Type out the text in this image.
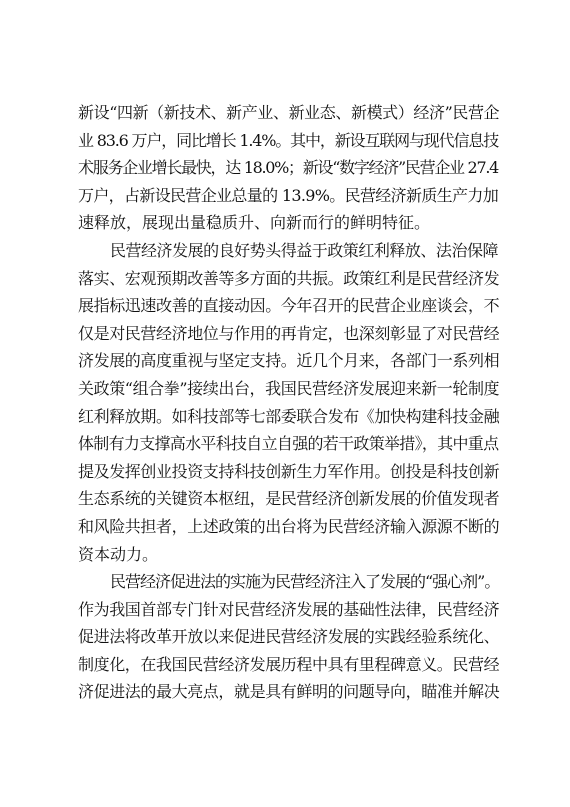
新设“四新（新技术、新产业、新业态、新模式）经济”民营企
业 83.6 万户，同比增长 1.4%。其中，新设互联网与现代信息技
术服务企业增长最快，达 18.0%；新设“数字经济”民营企业 27.4
万户，占新设民营企业总量的 13.9%。民营经济新质生产力加
速释放，展现出量稳质升、向新而行的鲜明特征。
民营经济发展的良好势头得益于政策红利释放、法治保障
落实、宏观预期改善等多方面的共振。政策红利是民营经济发
展指标迅速改善的直接动因。今年召开的民营企业座谈会，不
仅是对民营经济地位与作用的再肯定，也深刻彰显了对民营经
济发展的高度重视与坚定支持。近几个月来，各部门一系列相
关政策“组合拳”接续出台，我国民营经济发展迎来新一轮制度
红利释放期。如科技部等七部委联合发布《加快构建科技金融
体制有力支撑高水平科技自立自强的若干政策举措》，其中重点
提及发挥创业投资支持科技创新生力军作用。创投是科技创新
生态系统的关键资本枢纽，是民营经济创新发展的价值发现者
和风险共担者，上述政策的出台将为民营经济输入源源不断的
资本动力。
民营经济促进法的实施为民营经济注入了发展的“强心剂”。
作为我国首部专门针对民营经济发展的基础性法律，民营经济
促进法将改革开放以来促进民营经济发展的实践经验系统化、
制度化，在我国民营经济发展历程中具有里程碑意义。民营经
济促进法的最大亮点，就是具有鲜明的问题导向，瞄准并解决
